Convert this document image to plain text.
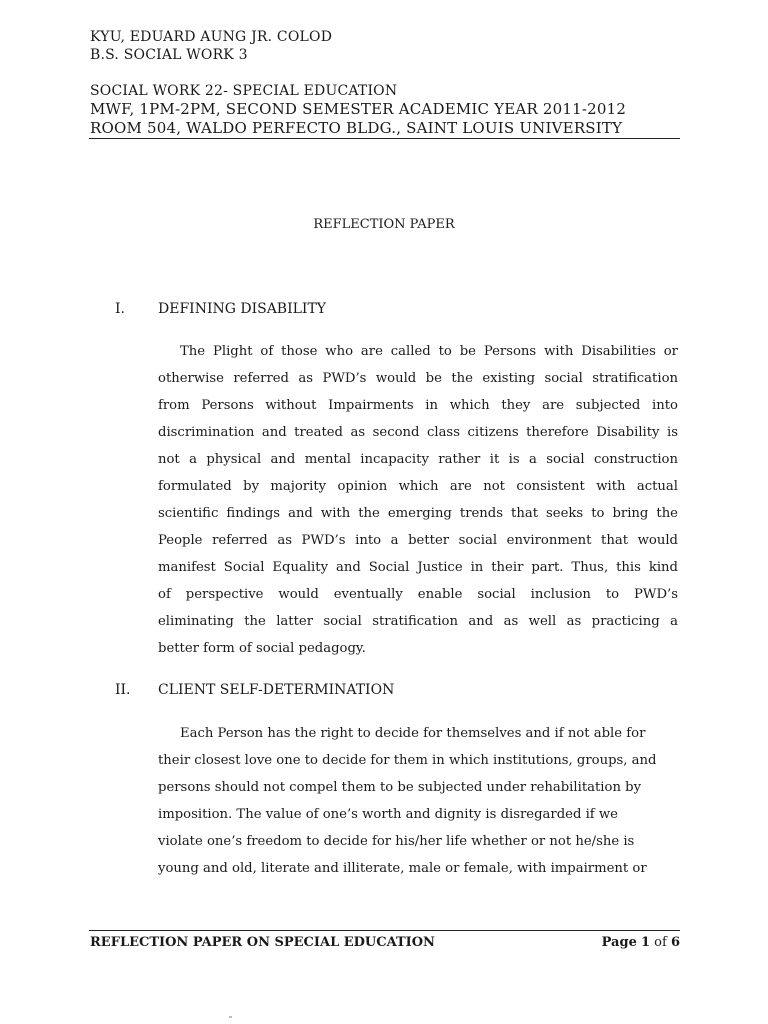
KYU, EDUARD AUNG JR. COLOD
B.S. SOCIAL WORK 3
SOCIAL WORK 22- SPECIAL EDUCATION
MWF, 1PM-2PM, SECOND SEMESTER ACADEMIC YEAR 2011-2012
ROOM 504, WALDO PERFECTO BLDG., SAINT LOUIS UNIVERSITY
REFLECTION PAPER
I. DEFINING DISABILITY
The Plight of those who are called to be Persons with Disabilities or
otherwise referred as PWD’s would be the existing social stratification
from Persons without Impairments in which they are subjected into
discrimination and treated as second class citizens therefore Disability is
not a physical and mental incapacity rather it is a social construction
formulated by majority opinion which are not consistent with actual
scientific findings and with the emerging trends that seeks to bring the
People referred as PWD’s into a better social environment that would
manifest Social Equality and Social Justice in their part. Thus, this kind
of perspective would eventually enable social inclusion to PWD’s
eliminating the latter social stratification and as well as practicing a
better form of social pedagogy.
II. CLIENT SELF-DETERMINATION
Each Person has the right to decide for themselves and if not able for
their closest love one to decide for them in which institutions, groups, and
persons should not compel them to be subjected under rehabilitation by
imposition. The value of one’s worth and dignity is disregarded if we
violate one’s freedom to decide for his/her life whether or not he/she is
young and old, literate and illiterate, male or female, with impairment or
REFLECTION PAPER ON SPECIAL EDUCATION	Page 1 of 6
